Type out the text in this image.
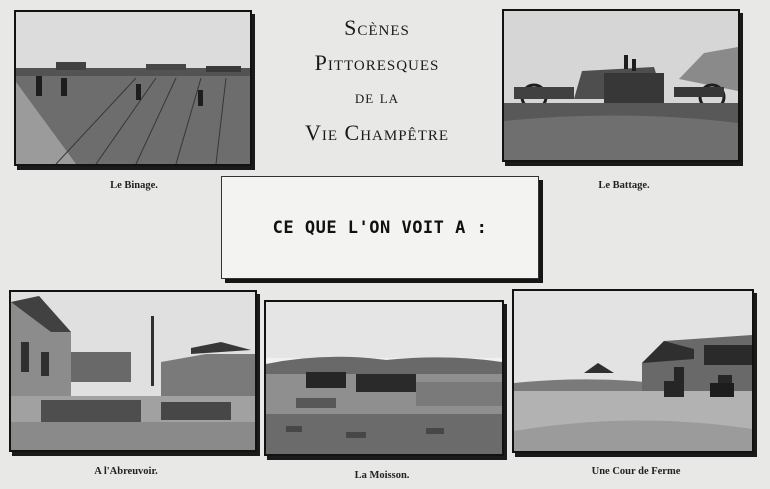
Scènes
Pittoresques
de la
Vie Champêtre
CE QUE L'ON VOIT A :
Le Binage.	Le Battage.
A l'Abreuvoir.	La Moisson.	Une Cour de Ferme
